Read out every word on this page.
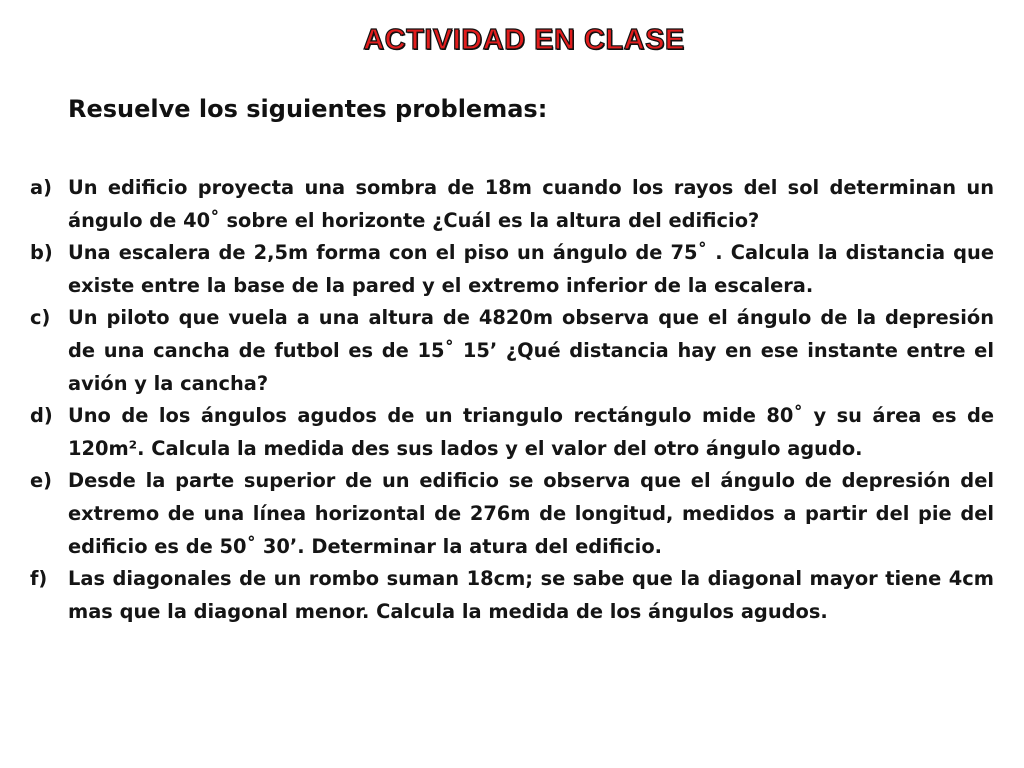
ACTIVIDAD EN CLASE
Resuelve los siguientes problemas:
a) Un edificio proyecta una sombra de 18m cuando los rayos del sol determinan un ángulo de 40˚ sobre el horizonte ¿Cuál es la altura del edificio?
b) Una escalera de 2,5m forma con el piso un ángulo de 75˚ . Calcula la distancia que existe entre la base de la pared y el extremo inferior de la escalera.
c) Un piloto que vuela a una altura de 4820m observa que el ángulo de la depresión de una cancha de futbol es de 15˚ 15’ ¿Qué distancia hay en ese instante entre el avión y la cancha?
d) Uno de los ángulos agudos de un triangulo rectángulo mide 80˚ y su área es de 120m². Calcula la medida des sus lados y el valor del otro ángulo agudo.
e) Desde la parte superior de un edificio se observa que el ángulo de depresión del extremo de una línea horizontal de 276m de longitud, medidos a partir del pie del edificio es de 50˚ 30’. Determinar la atura del edificio.
f) Las diagonales de un rombo suman 18cm; se sabe que la diagonal mayor tiene 4cm mas que la diagonal menor. Calcula la medida de los ángulos agudos.
